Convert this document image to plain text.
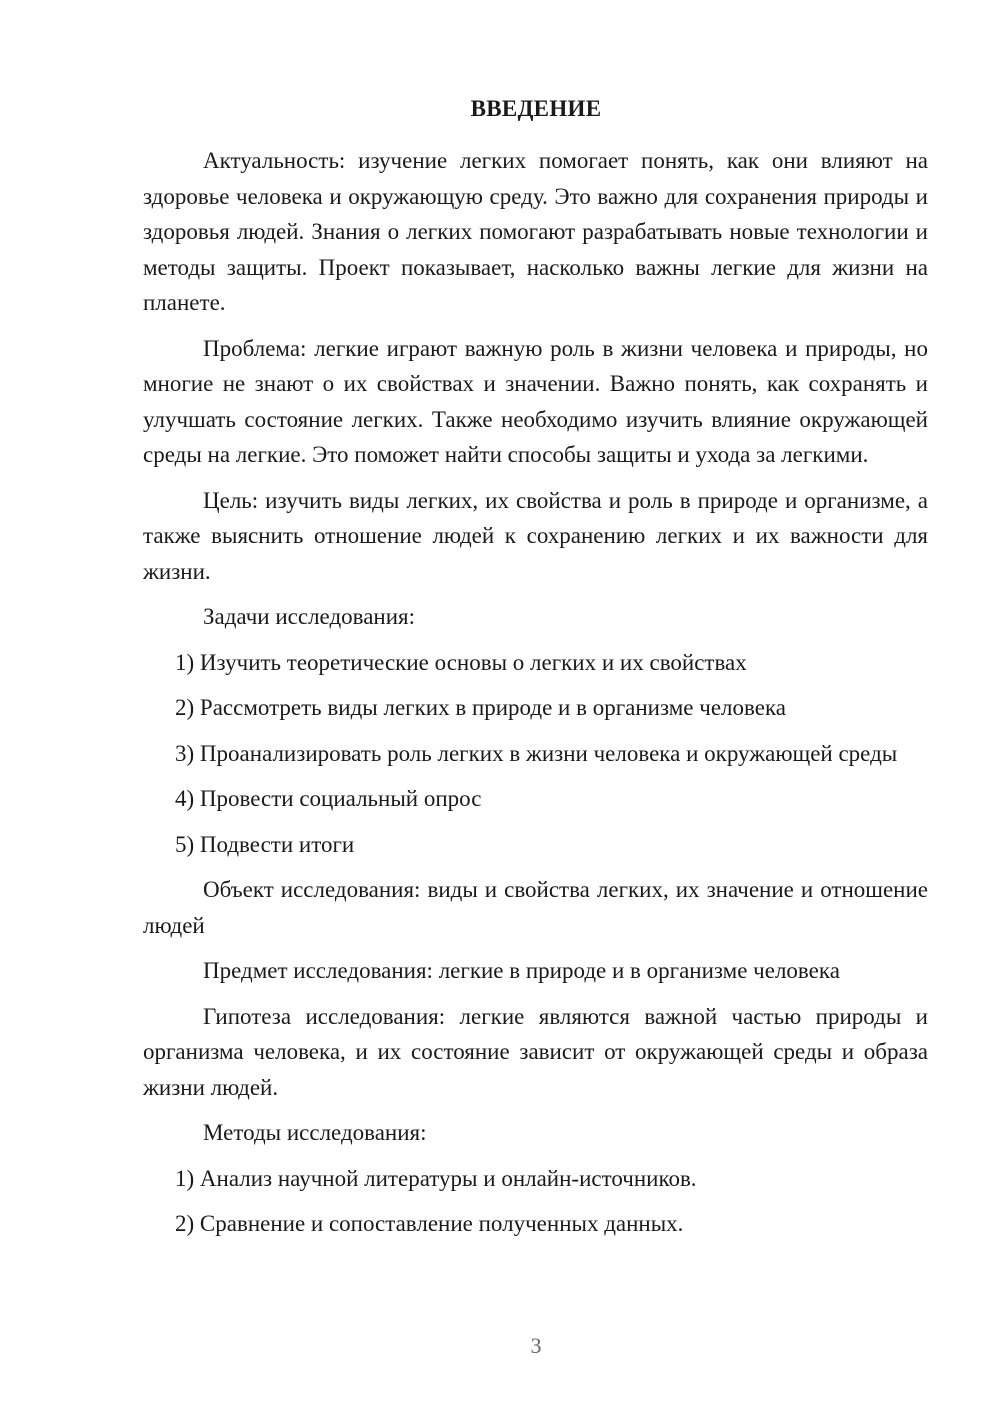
ВВЕДЕНИЕ

Актуальность: изучение легких помогает понять, как они влияют на здоровье человека и окружающую среду. Это важно для сохранения природы и здоровья людей. Знания о легких помогают разрабатывать новые технологии и методы защиты. Проект показывает, насколько важны легкие для жизни на планете.

Проблема: легкие играют важную роль в жизни человека и природы, но многие не знают о их свойствах и значении. Важно понять, как сохранять и улучшать состояние легких. Также необходимо изучить влияние окружающей среды на легкие. Это поможет найти способы защиты и ухода за легкими.

Цель: изучить виды легких, их свойства и роль в природе и организме, а также выяснить отношение людей к сохранению легких и их важности для жизни.

Задачи исследования:

1) Изучить теоретические основы о легких и их свойствах

2) Рассмотреть виды легких в природе и в организме человека

3) Проанализировать роль легких в жизни человека и окружающей среды

4) Провести социальный опрос

5) Подвести итоги

Объект исследования: виды и свойства легких, их значение и отношение людей

Предмет исследования: легкие в природе и в организме человека

Гипотеза исследования: легкие являются важной частью природы и организма человека, и их состояние зависит от окружающей среды и образа жизни людей.

Методы исследования:

1) Анализ научной литературы и онлайн-источников.

2) Сравнение и сопоставление полученных данных.

3
